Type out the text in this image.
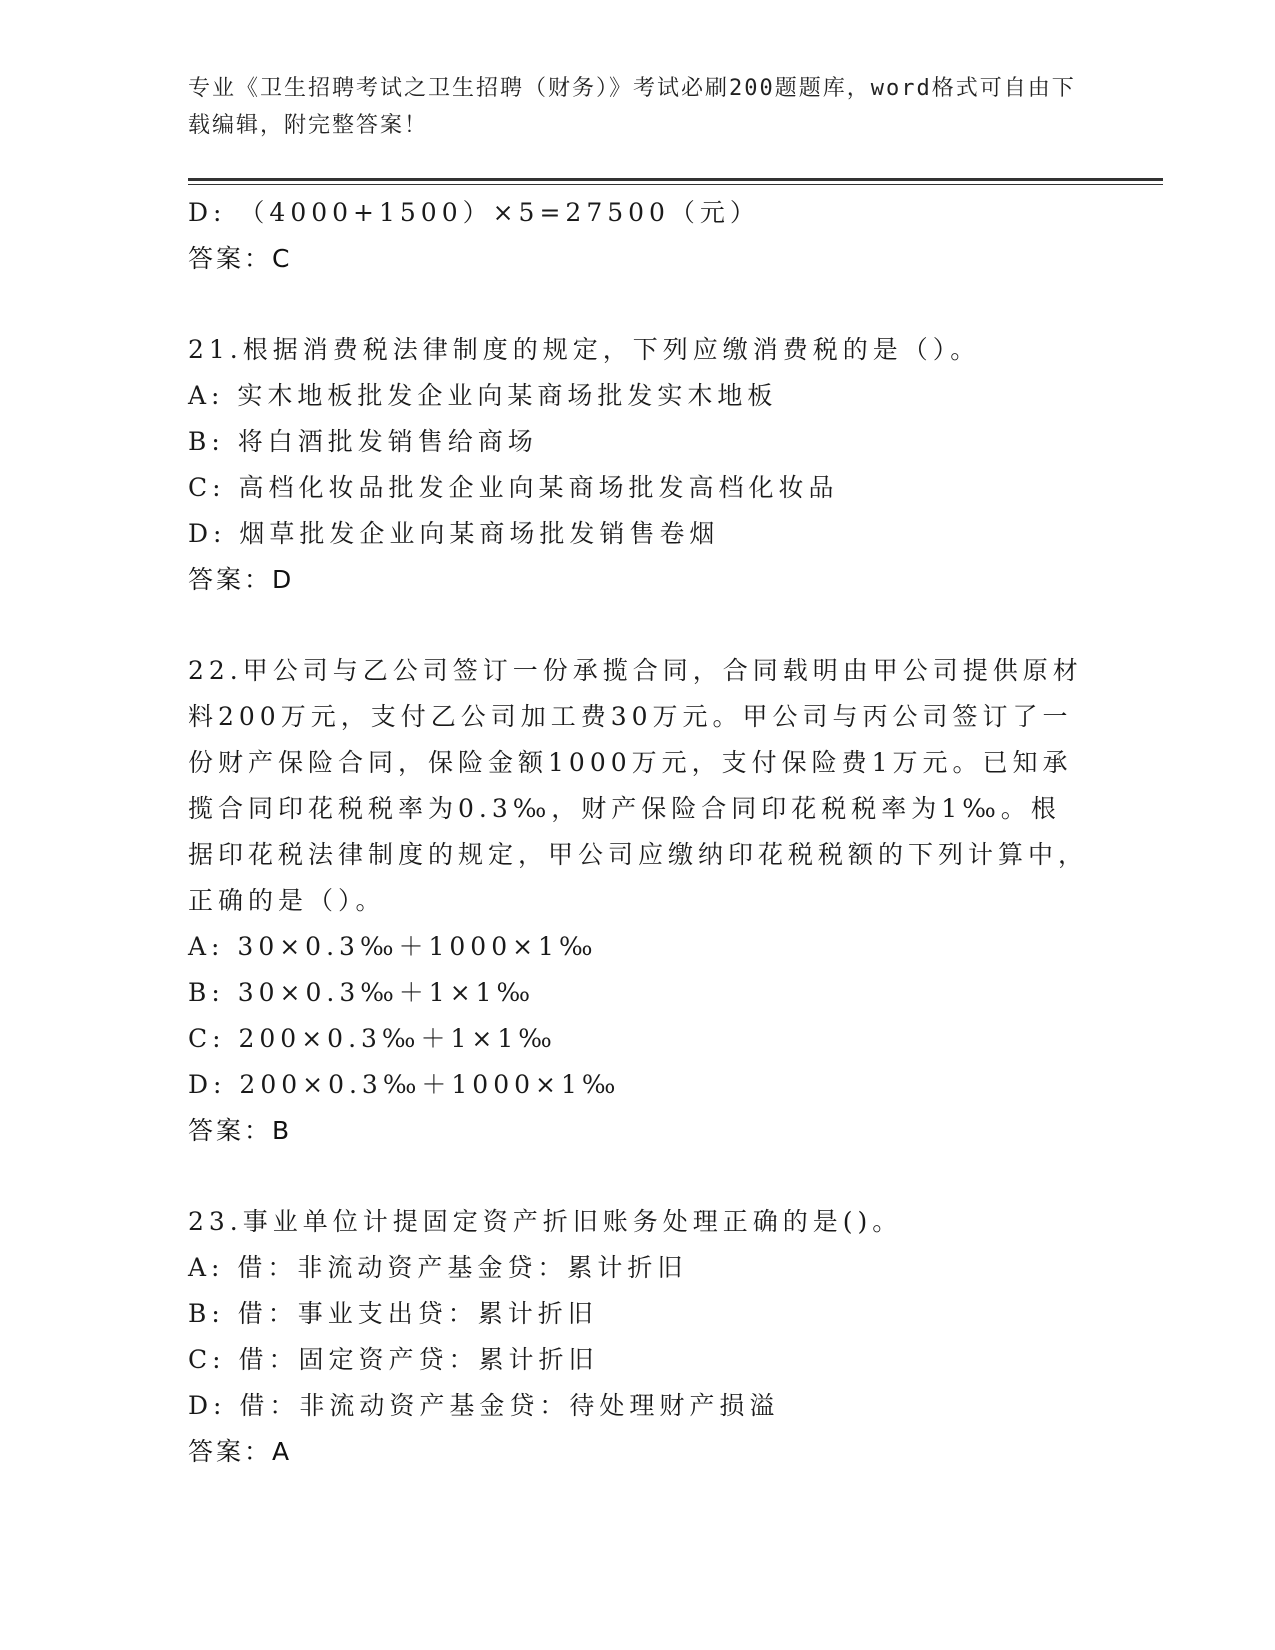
专业《卫生招聘考试之卫生招聘（财务）》考试必刷200题题库，word格式可自由下载编辑，附完整答案！
D: （4000+1500）×5=27500（元）
答案：C
21.根据消费税法律制度的规定，下列应缴消费税的是（）。
A: 实木地板批发企业向某商场批发实木地板
B: 将白酒批发销售给商场
C: 高档化妆品批发企业向某商场批发高档化妆品
D: 烟草批发企业向某商场批发销售卷烟
答案：D
22.甲公司与乙公司签订一份承揽合同，合同载明由甲公司提供原材料200万元，支付乙公司加工费30万元。甲公司与丙公司签订了一份财产保险合同，保险金额1000万元，支付保险费1万元。已知承揽合同印花税税率为0.3‰，财产保险合同印花税税率为1‰。根据印花税法律制度的规定，甲公司应缴纳印花税税额的下列计算中，正确的是（）。
A: 30×0.3‰＋1000×1‰
B: 30×0.3‰＋1×1‰
C: 200×0.3‰＋1×1‰
D: 200×0.3‰＋1000×1‰
答案：B
23.事业单位计提固定资产折旧账务处理正确的是()。
A: 借：非流动资产基金贷：累计折旧
B: 借：事业支出贷：累计折旧
C: 借：固定资产贷：累计折旧
D: 借：非流动资产基金贷：待处理财产损溢
答案：A
